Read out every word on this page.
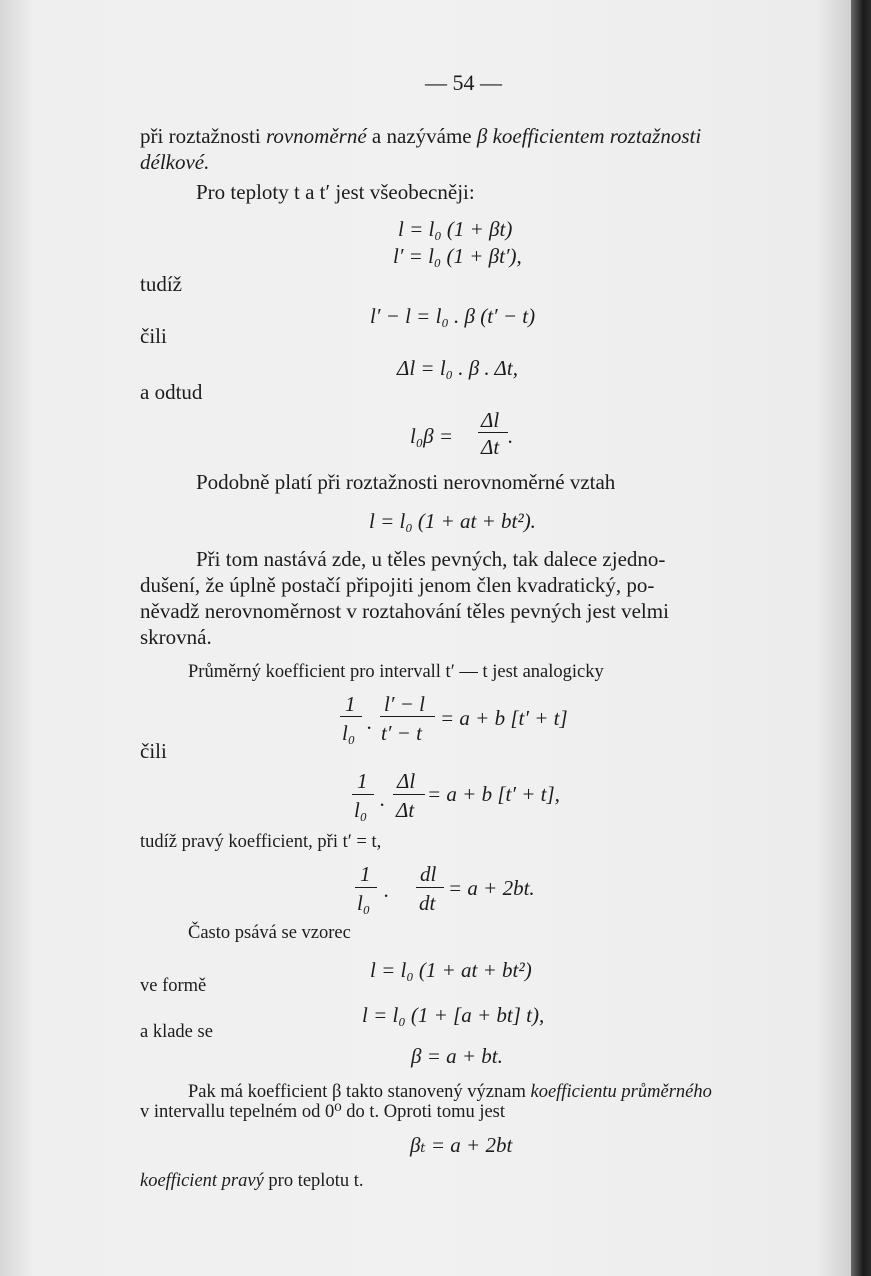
— 54 —
při roztažnosti rovnoměrné a nazýváme β koefficientem roztažnosti
délkové.
Pro teploty t a t′ jest všeobecněji:
l = l₀ (1 + βt)
l′ = l₀ (1 + βt′),
tudíž
l′ − l = l₀ . β (t′ − t)
čili
Δl = l₀ . β . Δt,
a odtud
l₀β =
Δl
Δt .
Podobně platí při roztažnosti nerovnoměrné vztah
l = l₀ (1 + at + bt²).
Při tom nastává zde, u těles pevných, tak dalece zjedno-
dušení, že úplně postačí připojiti jenom člen kvadratický, po-
něvadž nerovnoměrnost v roztahování těles pevných jest velmi
skrovná.
Průměrný koefficient pro intervall t′ — t jest analogicky
1
l₀ .
l′ − l
t′ − t
= a + b [t′ + t]
čili
1
l₀ .
Δl
Δt
= a + b [t′ + t],
tudíž pravý koefficient, při t′ = t,
1
l₀
.
dl
dt
= a + 2bt.
Často psává se vzorec
l = l₀ (1 + at + bt²)
ve formě
l = l₀ (1 + [a + bt] t),
a klade se
β = a + bt.
Pak má koefficient β takto stanovený význam koefficientu průměrného
v intervallu tepelném od 0⁰ do t. Oproti tomu jest
βₜ = a + 2bt
koefficient pravý pro teplotu t.
